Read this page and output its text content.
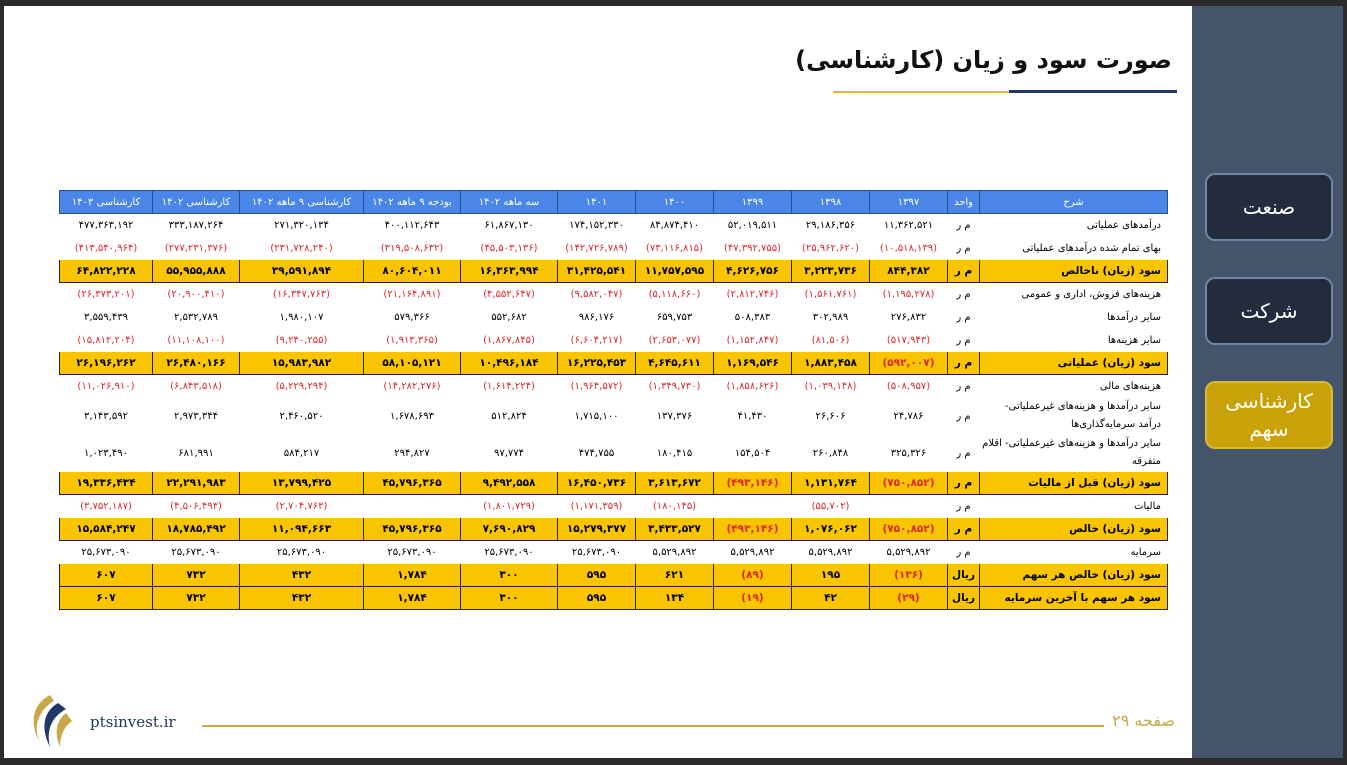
صورت سود و زیان (کارشناسی)
شرح	واحد	۱۳۹۷	۱۳۹۸	۱۳۹۹	۱۴۰۰	۱۴۰۱	سه ماهه ۱۴۰۲	بودجه ۹ ماهه ۱۴۰۲	کارشناسی ۹ ماهه ۱۴۰۲	کارشناسی ۱۴۰۲	کارشناسی ۱۴۰۳
درآمدهای عملیاتی	م ر	۱۱,۳۶۲,۵۲۱	۲۹,۱۸۶,۳۵۶	۵۲,۰۱۹,۵۱۱	۸۴,۸۷۴,۴۱۰	۱۷۴,۱۵۲,۳۳۰	۶۱,۸۶۷,۱۳۰	۴۰۰,۱۱۲,۶۴۳	۲۷۱,۳۲۰,۱۳۴	۳۳۳,۱۸۷,۲۶۴	۴۷۷,۳۶۳,۱۹۲
بهای تمام شده درآمدهای عملیاتی	م ر	(۱۰,۵۱۸,۱۳۹)	(۲۵,۹۶۲,۶۲۰)	(۴۷,۳۹۲,۷۵۵)	(۷۳,۱۱۶,۸۱۵)	(۱۴۲,۷۲۶,۷۸۹)	(۴۵,۵۰۳,۱۳۶)	(۳۱۹,۵۰۸,۶۳۲)	(۲۳۱,۷۲۸,۲۴۰)	(۲۷۷,۲۳۱,۳۷۶)	(۴۱۳,۵۴۰,۹۶۴)
سود (زیان) ناخالص	م ر	۸۴۴,۳۸۲	۳,۲۲۳,۷۳۶	۴,۶۲۶,۷۵۶	۱۱,۷۵۷,۵۹۵	۳۱,۴۲۵,۵۴۱	۱۶,۳۶۳,۹۹۴	۸۰,۶۰۴,۰۱۱	۳۹,۵۹۱,۸۹۴	۵۵,۹۵۵,۸۸۸	۶۴,۸۲۲,۲۲۸
هزینه‌های فروش، اداری و عمومی	م ر	(۱,۱۹۵,۲۷۸)	(۱,۵۶۱,۷۶۱)	(۲,۸۱۲,۷۴۶)	(۵,۱۱۸,۶۶۰)	(۹,۵۸۲,۰۴۷)	(۴,۵۵۲,۶۴۷)	(۲۱,۱۶۴,۸۹۱)	(۱۶,۳۴۷,۷۶۳)	(۲۰,۹۰۰,۴۱۰)	(۲۶,۳۷۳,۲۰۱)
سایر درآمدها	م ر	۲۷۶,۸۳۲	۳۰۲,۹۸۹	۵۰۸,۳۸۳	۶۵۹,۷۵۳	۹۸۶,۱۷۶	۵۵۲,۶۸۲	۵۷۹,۳۶۶	۱,۹۸۰,۱۰۷	۲,۵۳۲,۷۸۹	۳,۵۵۹,۴۳۹
سایر هزینه‌ها	م ر	(۵۱۷,۹۴۳)	(۸۱,۵۰۶)	(۱,۱۵۲,۸۴۷)	(۲,۶۵۳,۰۷۷)	(۶,۶۰۴,۲۱۷)	(۱,۸۶۷,۸۴۵)	(۱,۹۱۳,۳۶۵)	(۹,۲۴۰,۲۵۵)	(۱۱,۱۰۸,۱۰۰)	(۱۵,۸۱۲,۲۰۴)
سود (زیان) عملیاتی	م ر	(۵۹۲,۰۰۷)	۱,۸۸۳,۴۵۸	۱,۱۶۹,۵۴۶	۴,۶۴۵,۶۱۱	۱۶,۲۲۵,۴۵۳	۱۰,۴۹۶,۱۸۴	۵۸,۱۰۵,۱۲۱	۱۵,۹۸۳,۹۸۲	۲۶,۴۸۰,۱۶۶	۲۶,۱۹۶,۲۶۲
هزینه‌های مالی	م ر	(۵۰۸,۹۵۷)	(۱,۰۳۹,۱۴۸)	(۱,۸۵۸,۶۲۶)	(۱,۳۴۹,۷۳۰)	(۱,۹۶۴,۵۷۲)	(۱,۶۱۴,۲۲۴)	(۱۴,۲۸۲,۲۷۶)	(۵,۲۲۹,۲۹۴)	(۶,۸۴۳,۵۱۸)	(۱۱,۰۲۶,۹۱۰)
سایر درآمدها و هزینه‌های غیرعملیاتی- درآمد سرمایه‌گذاری‌ها	م ر	۲۴,۷۸۶	۲۶,۶۰۶	۴۱,۴۳۰	۱۳۷,۳۷۶	۱,۷۱۵,۱۰۰	۵۱۲,۸۲۴	۱,۶۷۸,۶۹۳	۲,۴۶۰,۵۲۰	۲,۹۷۳,۳۴۴	۳,۱۴۳,۵۹۲
سایر درآمدها و هزینه‌های غیرعملیاتی- اقلام متفرقه	م ر	۳۲۵,۳۲۶	۲۶۰,۸۴۸	۱۵۴,۵۰۴	۱۸۰,۴۱۵	۴۷۴,۷۵۵	۹۷,۷۷۴	۲۹۴,۸۲۷	۵۸۴,۲۱۷	۶۸۱,۹۹۱	۱,۰۲۳,۴۹۰
سود (زیان) قبل از مالیات	م ر	(۷۵۰,۸۵۲)	۱,۱۳۱,۷۶۴	(۴۹۳,۱۴۶)	۳,۶۱۳,۶۷۲	۱۶,۴۵۰,۷۳۶	۹,۴۹۲,۵۵۸	۴۵,۷۹۶,۳۶۵	۱۳,۷۹۹,۴۲۵	۲۲,۲۹۱,۹۸۳	۱۹,۳۳۶,۴۳۴
مالیات	م ر		(۵۵,۷۰۲)		(۱۸۰,۱۴۵)	(۱,۱۷۱,۳۵۹)	(۱,۸۰۱,۷۲۹)		(۲,۷۰۴,۷۶۳)	(۴,۵۰۶,۴۹۳)	(۳,۷۵۲,۱۸۷)
سود (زیان) خالص	م ر	(۷۵۰,۸۵۲)	۱,۰۷۶,۰۶۲	(۴۹۳,۱۴۶)	۳,۴۳۳,۵۲۷	۱۵,۲۷۹,۳۷۷	۷,۶۹۰,۸۲۹	۴۵,۷۹۶,۳۶۵	۱۱,۰۹۴,۶۶۳	۱۸,۷۸۵,۴۹۲	۱۵,۵۸۴,۲۴۷
سرمایه	م ر	۵,۵۲۹,۸۹۲	۵,۵۲۹,۸۹۲	۵,۵۲۹,۸۹۲	۵,۵۲۹,۸۹۲	۲۵,۶۷۳,۰۹۰	۲۵,۶۷۳,۰۹۰	۲۵,۶۷۳,۰۹۰	۲۵,۶۷۳,۰۹۰	۲۵,۶۷۳,۰۹۰	۲۵,۶۷۳,۰۹۰
سود (زیان) خالص هر سهم	ریال	(۱۳۶)	۱۹۵	(۸۹)	۶۲۱	۵۹۵	۳۰۰	۱,۷۸۴	۴۳۲	۷۳۲	۶۰۷
سود هر سهم با آخرین سرمایه	ریال	(۲۹)	۴۲	(۱۹)	۱۳۴	۵۹۵	۳۰۰	۱,۷۸۴	۴۳۲	۷۳۲	۶۰۷
صنعت
شرکت
کارشناسی سهم
ptsinvest.ir	صفحه ۲۹
